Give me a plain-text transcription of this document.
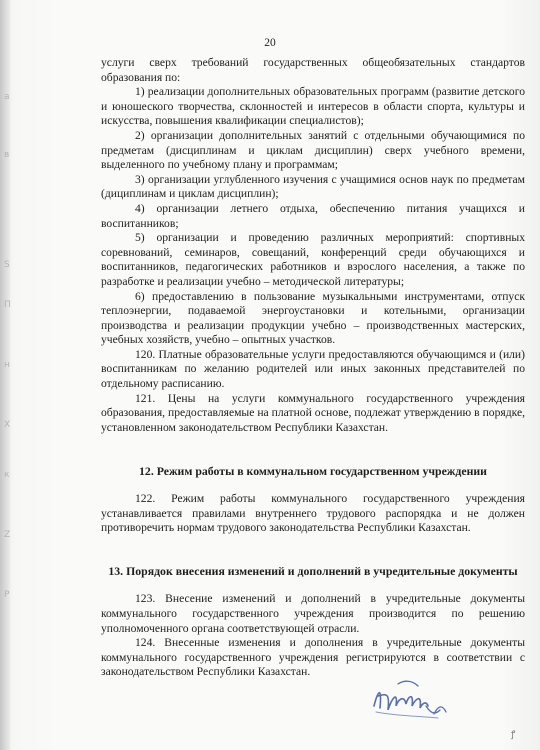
а
в
S
П
н
X
к
Z
Р
20

услуги сверх требований государственных общеобязательных стандартов образования по:

1) реализации дополнительных образовательных программ (развитие детского и юношеского творчества, склонностей и интересов в области спорта, культуры и искусства, повышения квалификации специалистов);

2) организации дополнительных занятий с отдельными обучающимися по предметам (дисциплинам и циклам дисциплин) сверх учебного времени, выделенного по учебному плану и программам;

3) организации углубленного изучения с учащимися основ наук по предметам (дициплинам и циклам дисциплин);

4) организации летнего отдыха, обеспечению питания учащихся и воспитанников;

5) организации и проведению различных мероприятий: спортивных соревнований, семинаров, совещаний, конференций среди обучающихся и воспитанников, педагогических работников и взрослого населения, а также по разработке и реализации учебно – методической литературы;

6) предоставлению в пользование музыкальными инструментами, отпуск теплоэнергии, подаваемой энергоустановки и котельными, организации производства и реализации продукции учебно – производственных мастерских, учебных хозяйств, учебно – опытных участков.

120. Платные образовательные услуги предоставляются обучающимся и (или) воспитанникам по желанию родителей или иных законных представителей по отдельному расписанию.

121. Цены на услуги коммунального государственного учреждения образования, предоставляемые на платной основе, подлежат утверждению в порядке, установленном законодательством Республики Казахстан.

12. Режим работы в коммунальном государственном учреждении

122. Режим работы коммунального государственного учреждения устанавливается правилами внутреннего трудового распорядка и не должен противоречить нормам трудового законодательства Республики Казахстан.

13. Порядок внесения изменений и дополнений в учредительные документы

123. Внесение изменений и дополнений в учредительные документы коммунального государственного учреждения производится по решению уполномоченного органа соответствующей отрасли.

124. Внесенные изменения и дополнения в учредительные документы коммунального государственного учреждения регистрируются в соответствии с законодательством Республики Казахстан.

ꝭ
